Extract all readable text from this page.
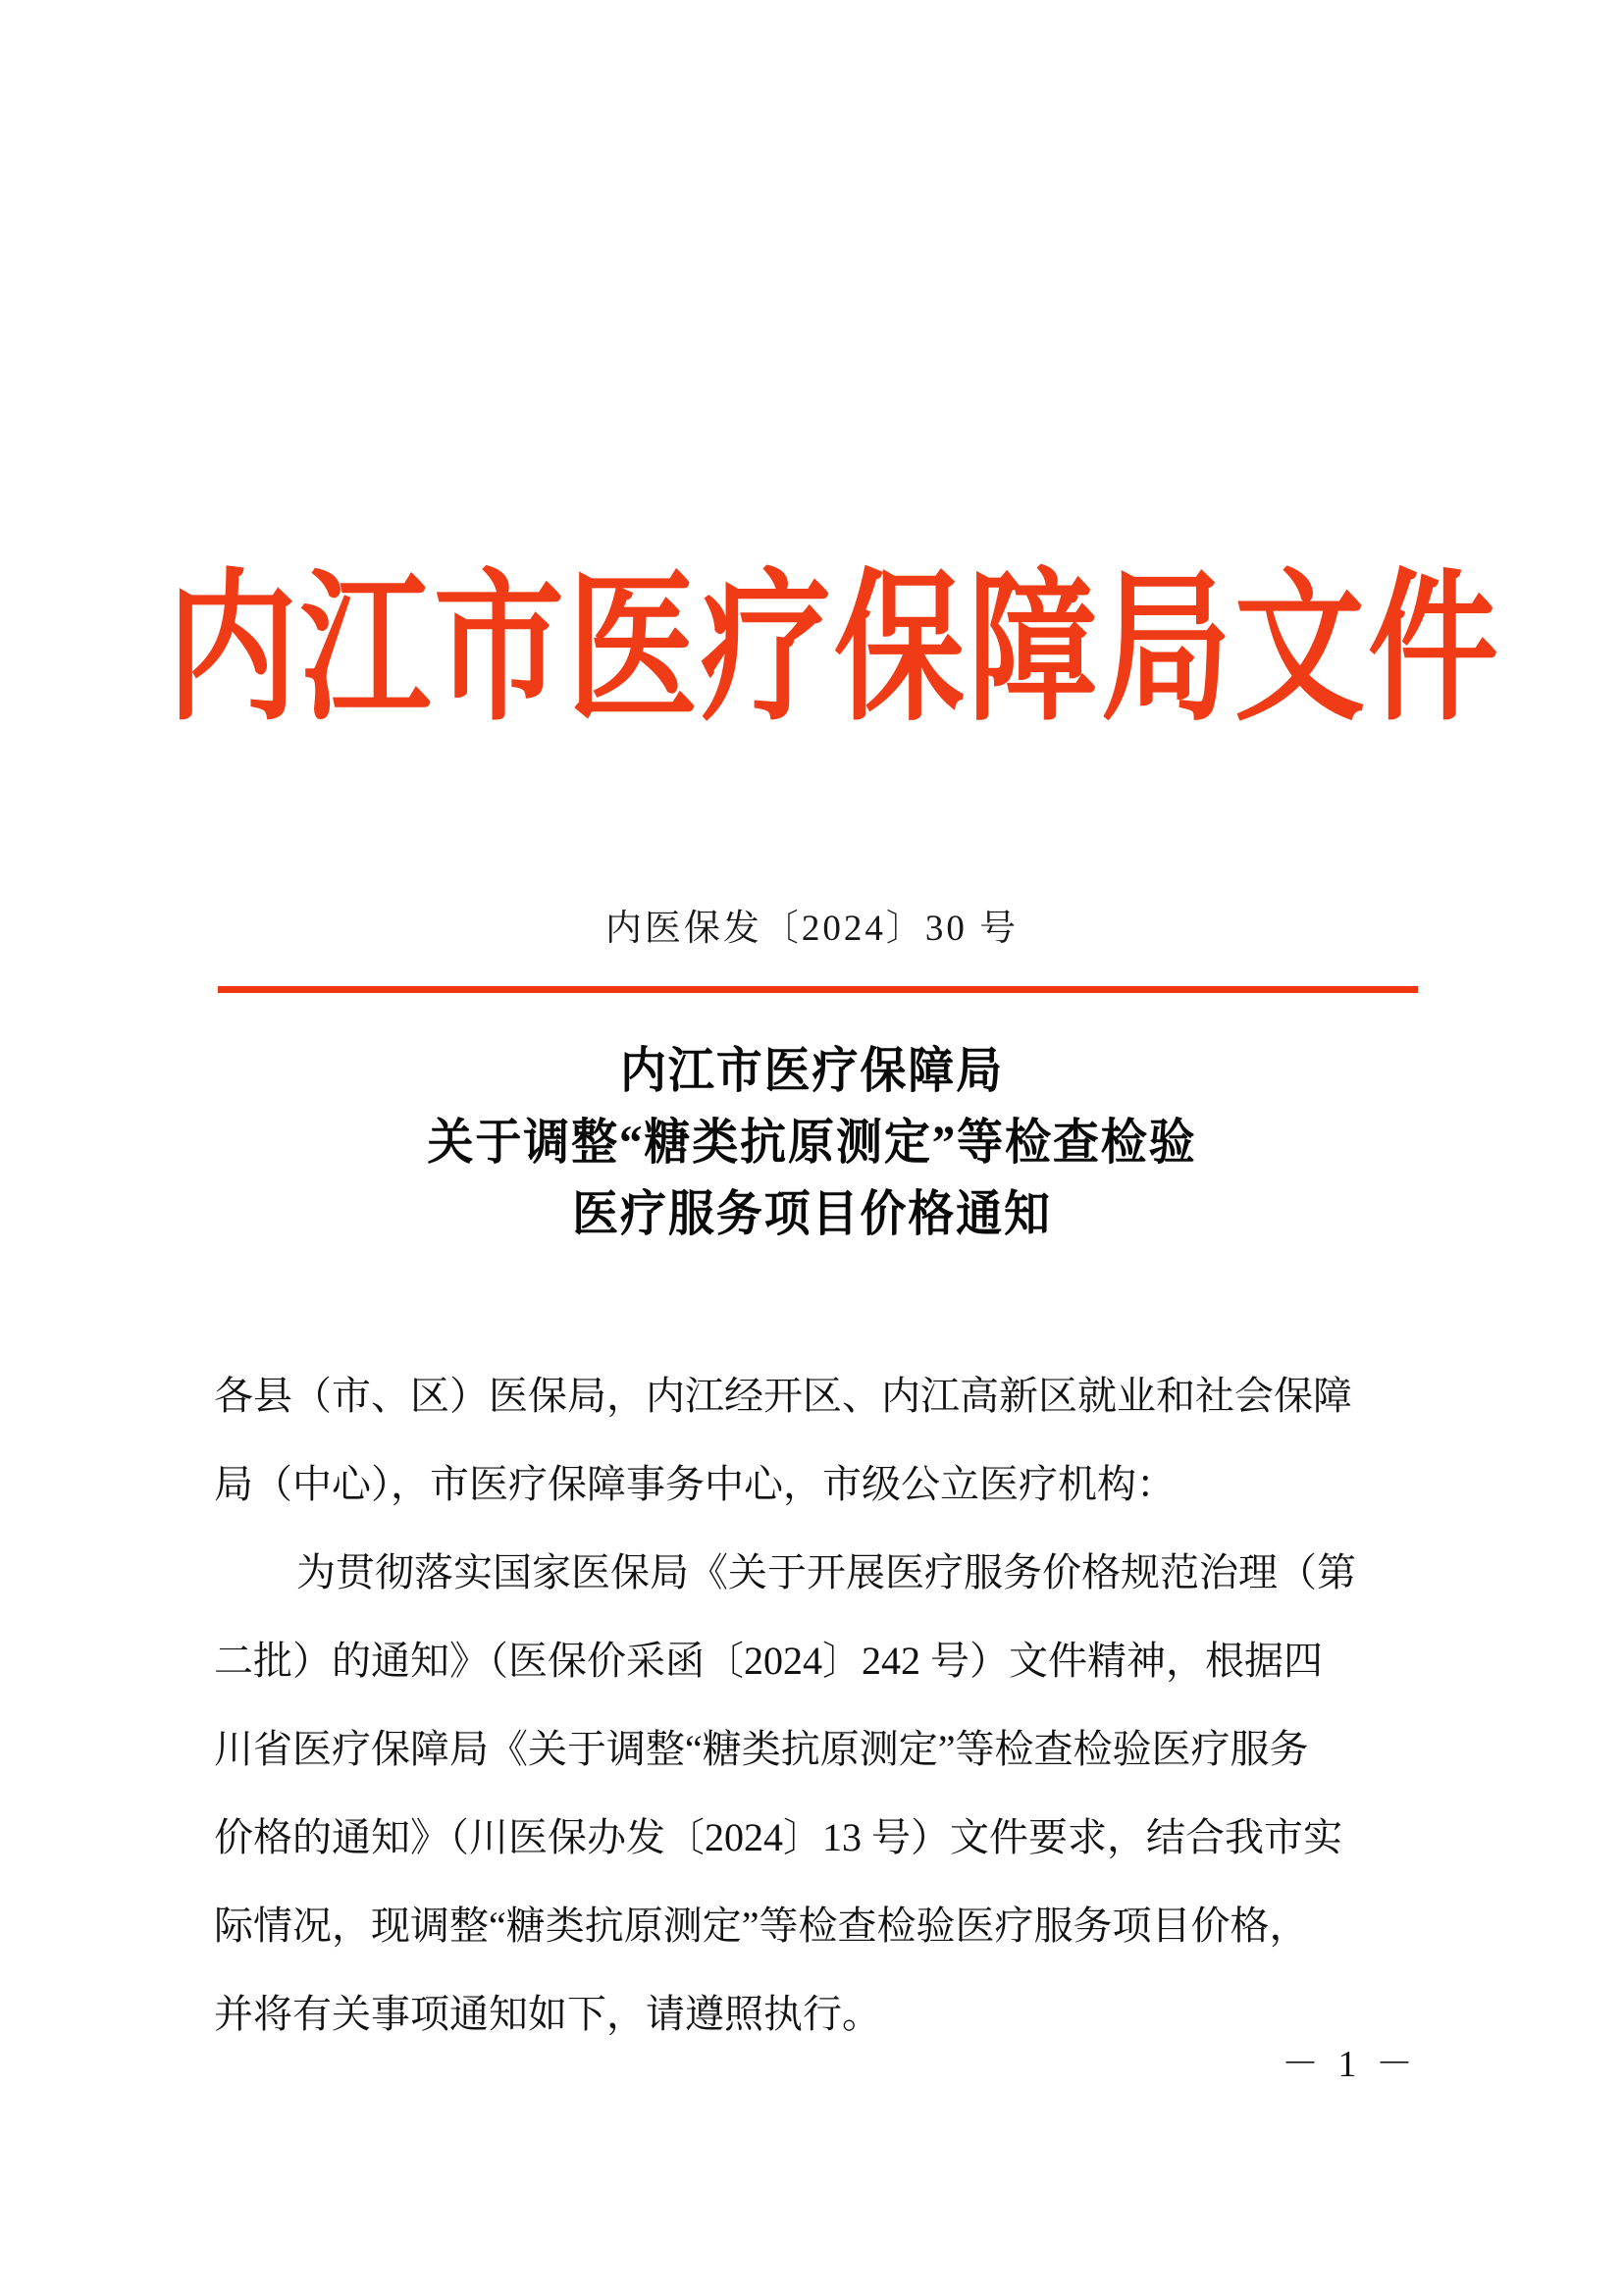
内江市医疗保障局文件
内医保发〔2024〕30 号
内江市医疗保障局
关于调整“糖类抗原测定”等检查检验
医疗服务项目价格通知
各县（市、区）医保局，内江经开区、内江高新区就业和社会保障
局（中心），市医疗保障事务中心，市级公立医疗机构：
为贯彻落实国家医保局《关于开展医疗服务价格规范治理（第
二批）的通知》（医保价采函〔2024〕242 号）文件精神，根据四
川省医疗保障局《关于调整“糖类抗原测定”等检查检验医疗服务
价格的通知》（川医保办发〔2024〕13 号）文件要求，结合我市实
际情况，现调整“糖类抗原测定”等检查检验医疗服务项目价格，
并将有关事项通知如下，请遵照执行。
－ 1 －
